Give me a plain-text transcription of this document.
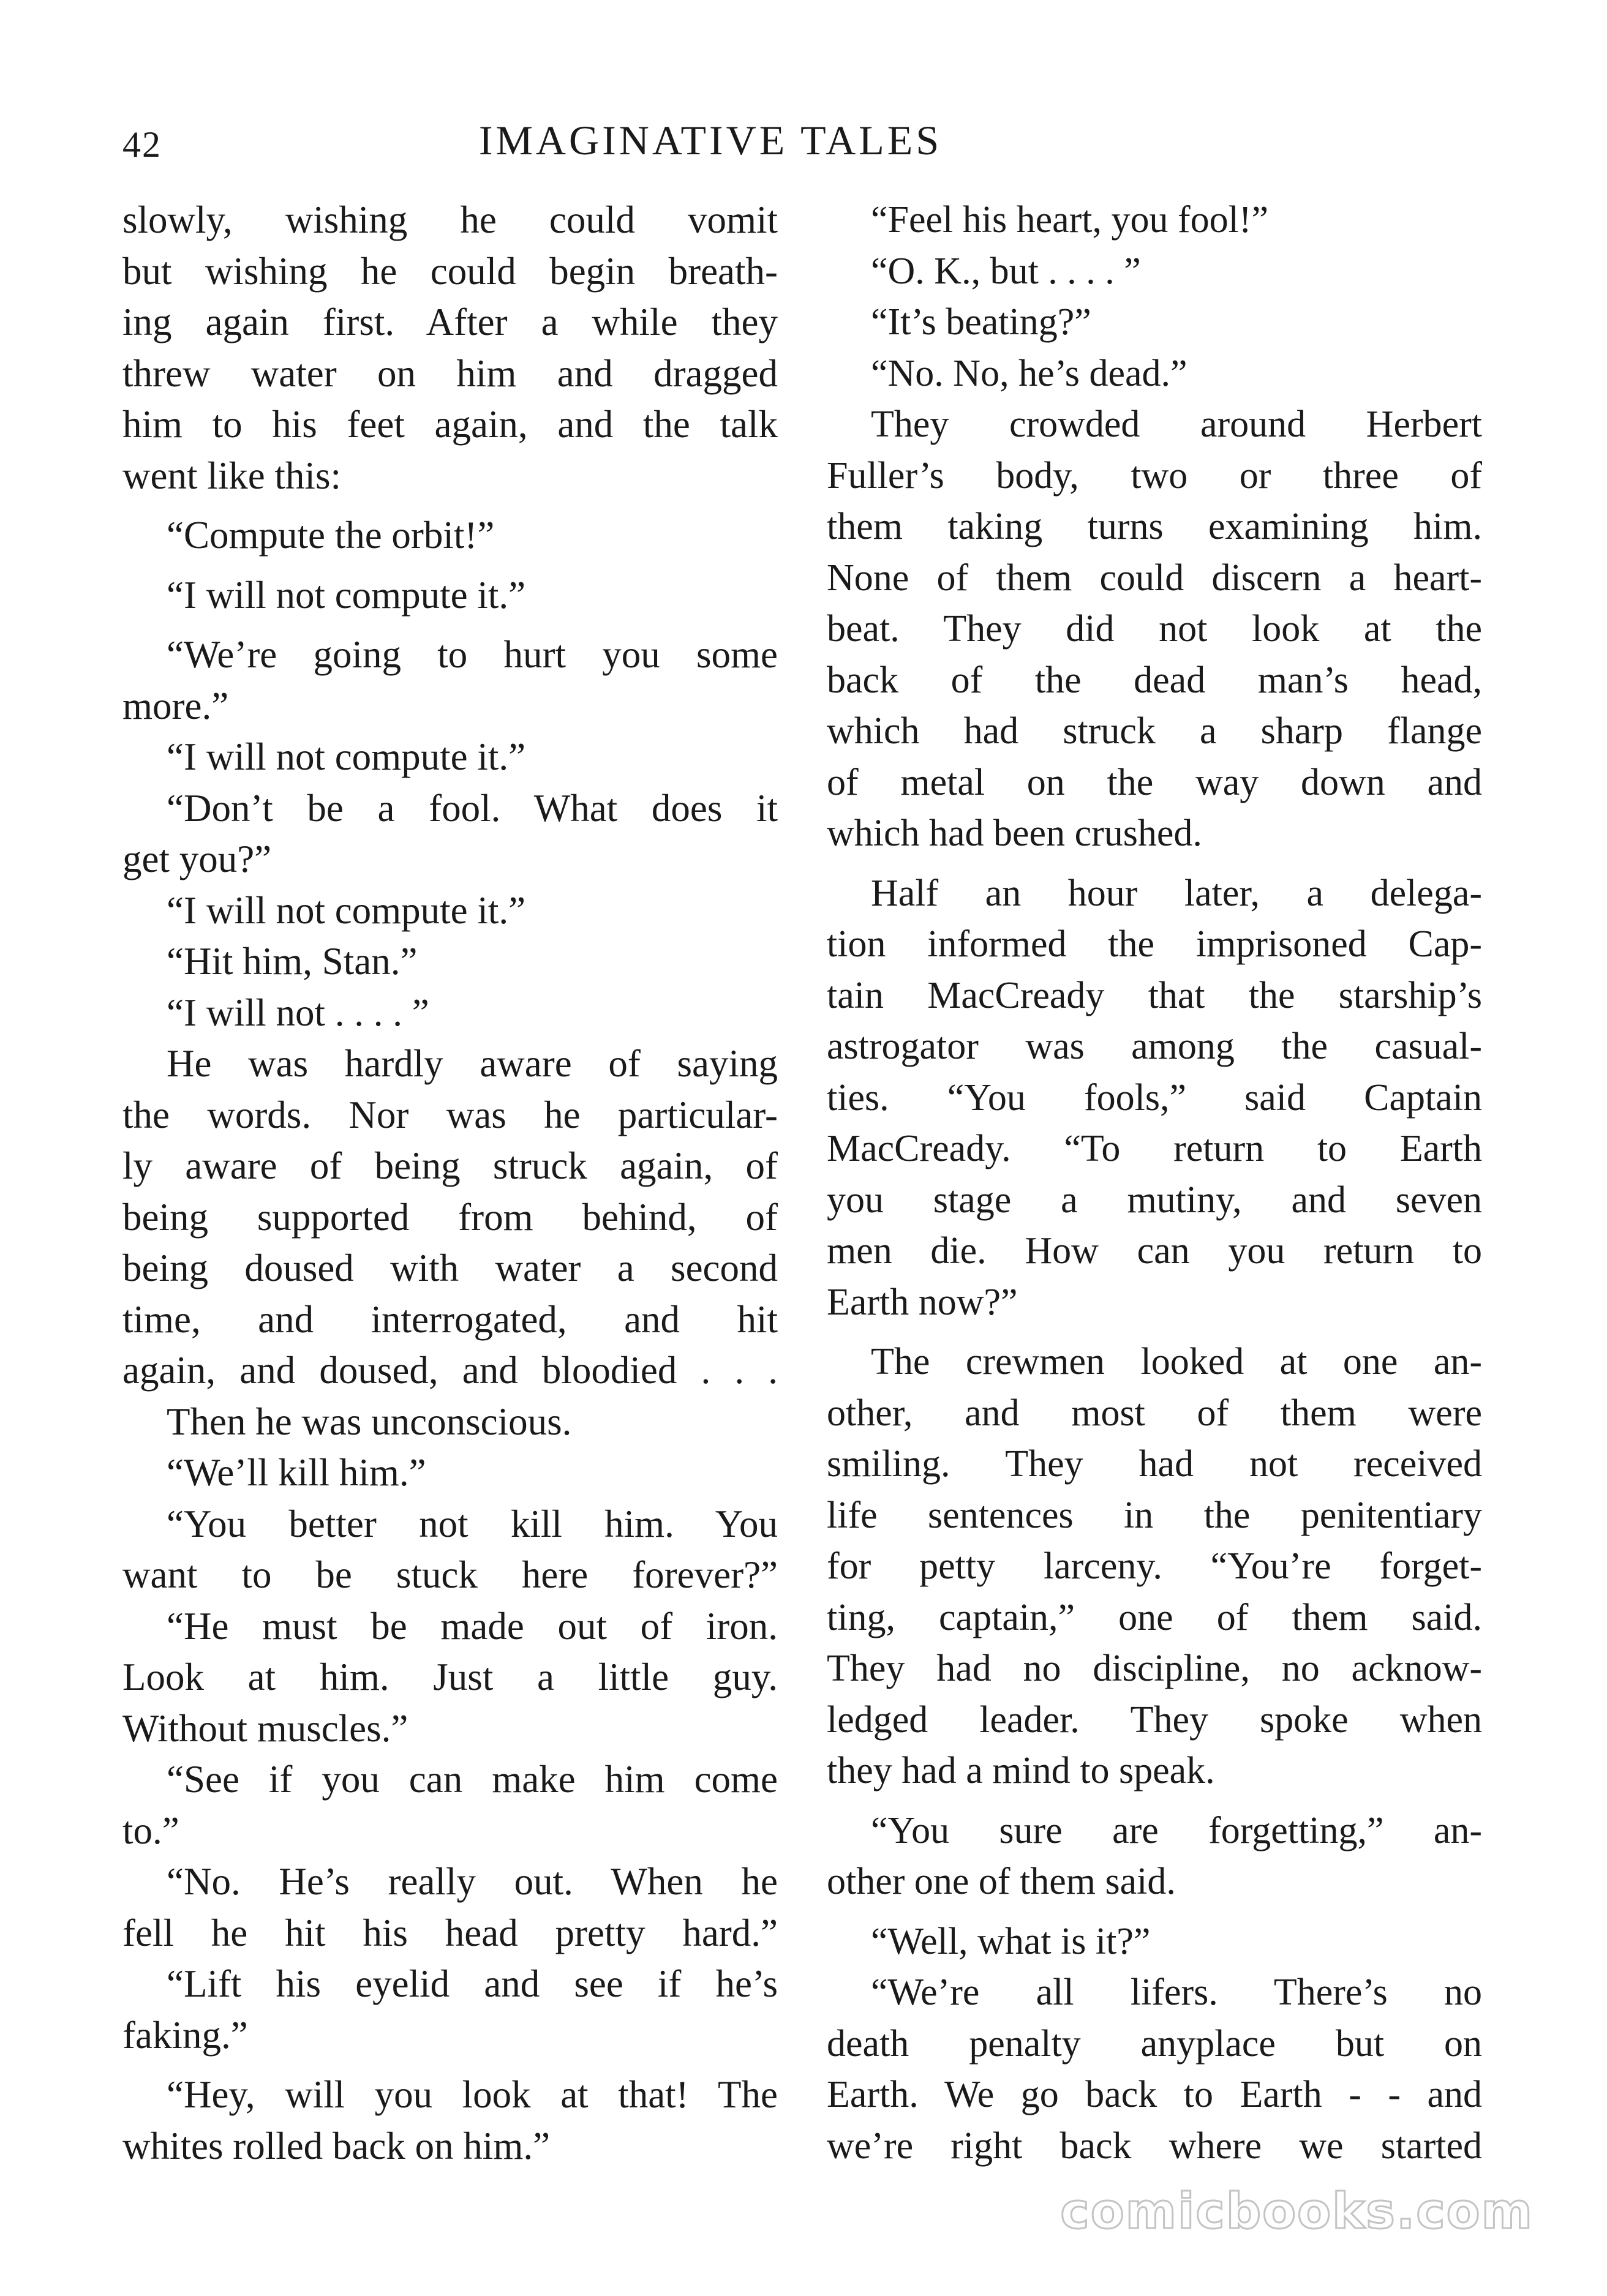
42	IMAGINATIVE TALES
slowly, wishing he could vomit
but wishing he could begin breath-
ing again first. After a while they
threw water on him and dragged
him to his feet again, and the talk
went like this:
“Compute the orbit!”
“I will not compute it.”
“We’re going to hurt you some
more.”
“I will not compute it.”
“Don’t be a fool. What does it
get you?”
“I will not compute it.”
“Hit him, Stan.”
“I will not . . . . ”
He was hardly aware of saying
the words. Nor was he particular-
ly aware of being struck again, of
being supported from behind, of
being doused with water a second
time, and interrogated, and hit
again, and doused, and bloodied . . .
Then he was unconscious.
“We’ll kill him.”
“You better not kill him. You
want to be stuck here forever?”
“He must be made out of iron.
Look at him. Just a little guy.
Without muscles.”
“See if you can make him come
to.”
“No. He’s really out. When he
fell he hit his head pretty hard.”
“Lift his eyelid and see if he’s
faking.”
“Hey, will you look at that! The
whites rolled back on him.”
“Feel his heart, you fool!”
“O. K., but . . . . ”
“It’s beating?”
“No. No, he’s dead.”
They crowded around Herbert
Fuller’s body, two or three of
them taking turns examining him.
None of them could discern a heart-
beat. They did not look at the
back of the dead man’s head,
which had struck a sharp flange
of metal on the way down and
which had been crushed.
Half an hour later, a delega-
tion informed the imprisoned Cap-
tain MacCready that the starship’s
astrogator was among the casual-
ties. “You fools,” said Captain
MacCready. “To return to Earth
you stage a mutiny, and seven
men die. How can you return to
Earth now?”
The crewmen looked at one an-
other, and most of them were
smiling. They had not received
life sentences in the penitentiary
for petty larceny. “You’re forget-
ting, captain,” one of them said.
They had no discipline, no acknow-
ledged leader. They spoke when
they had a mind to speak.
“You sure are forgetting,” an-
other one of them said.
“Well, what is it?”
“We’re all lifers. There’s no
death penalty anyplace but on
Earth. We go back to Earth - - and
we’re right back where we started
comicbooks.com
